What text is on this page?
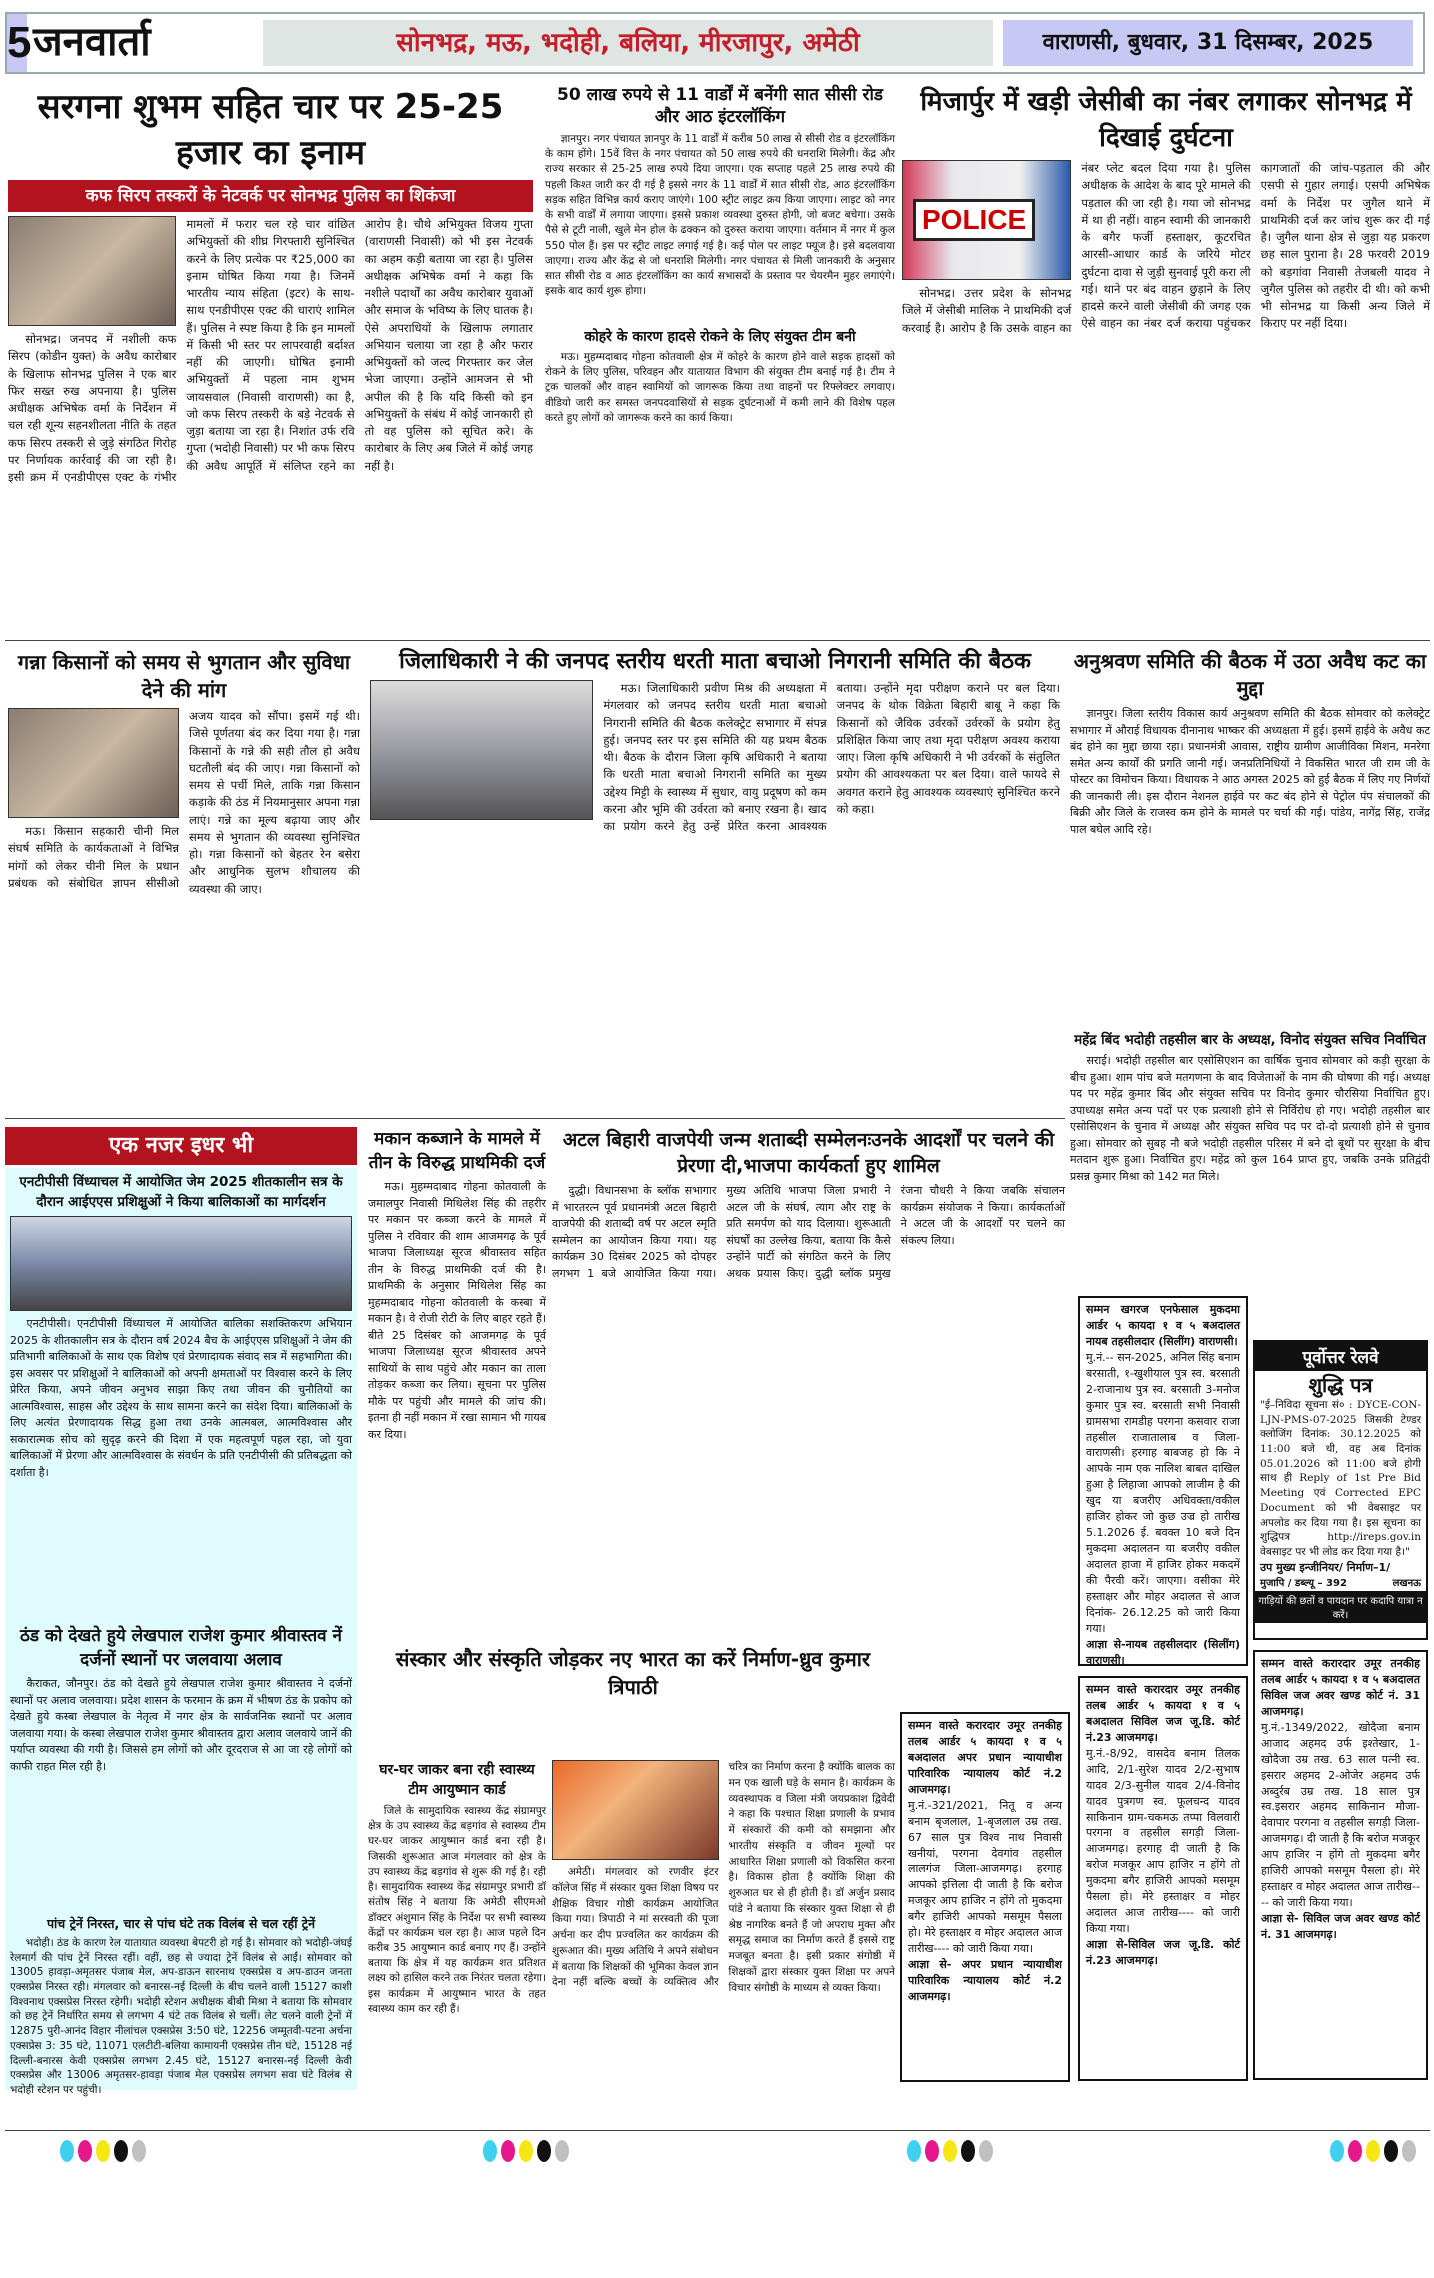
5 जनवार्ता	सोनभद्र, मऊ, भदोही, बलिया, मीरजापुर, अमेठी	वाराणसी, बुधवार, 31 दिसम्बर, 2025
सरगना शुभम सहित चार पर 25-25 हजार का इनाम
कफ सिरप तस्करों के नेटवर्क पर सोनभद्र पुलिस का शिकंजा

सोनभद्र। जनपद में नशीली कफ सिरप (कोडीन युक्त) के अवैध कारोबार के खिलाफ सोनभद्र पुलिस ने एक बार फिर सख्त रुख अपनाया है। पुलिस अधीक्षक अभिषेक वर्मा के निर्देशन में चल रही शून्य सहनशीलता नीति के तहत कफ सिरप तस्करी से जुड़े संगठित गिरोह पर निर्णायक कार्रवाई की जा रही है। इसी क्रम में एनडीपीएस एक्ट के गंभीर मामलों में फरार चल रहे चार वांछित अभियुक्तों की शीघ्र गिरफ्तारी सुनिश्चित करने के लिए प्रत्येक पर ₹25,000 का इनाम घोषित किया गया है। जिनमें भारतीय न्याय संहिता (इटर) के साथ-साथ एनडीपीएस एक्ट की धाराएं शामिल हैं। पुलिस ने स्पष्ट किया है कि इन मामलों में किसी भी स्तर पर लापरवाही बर्दाश्त नहीं की जाएगी। घोषित इनामी अभियुक्तों में पहला नाम शुभम जायसवाल (निवासी वाराणसी) का है, जो कफ सिरप तस्करी के बड़े नेटवर्क से जुड़ा बताया जा रहा है। निशांत उर्फ रवि गुप्ता (भदोही निवासी) पर भी कफ सिरप की अवैध आपूर्ति में संलिप्त रहने का आरोप है। चौथे अभियुक्त विजय गुप्ता (वाराणसी निवासी) को भी इस नेटवर्क का अहम कड़ी बताया जा रहा है। पुलिस अधीक्षक अभिषेक वर्मा ने कहा कि नशीले पदार्थों का अवैध कारोबार युवाओं और समाज के भविष्य के लिए घातक है। ऐसे अपराधियों के खिलाफ लगातार अभियान चलाया जा रहा है और फरार अभियुक्तों को जल्द गिरफ्तार कर जेल भेजा जाएगा। उन्होंने आमजन से भी अपील की है कि यदि किसी को इन अभियुक्तों के संबंध में कोई जानकारी हो तो वह पुलिस को सूचित करे। के कारोबार के लिए अब जिले में कोई जगह नहीं है।

50 लाख रुपये से 11 वार्डों में बनेंगी सात सीसी रोड और आठ इंटरलॉकिंग

ज्ञानपुर। नगर पंचायत ज्ञानपुर के 11 वार्डों में करीब 50 लाख से सीसी रोड व इंटरलॉकिंग के काम होंगे। 15वें वित्त के नगर पंचायत को 50 लाख रुपये की धनराशि मिलेगी। केंद्र और राज्य सरकार से 25-25 लाख रुपये दिया जाएगा। एक सप्ताह पहले 25 लाख रुपये की पहली किश्त जारी कर दी गई है इससे नगर के 11 वार्डों में सात सीसी रोड, आठ इंटरलॉकिंग सड़क सहित विभिन्न कार्य कराए जाएंगे। 100 स्ट्रीट लाइट क्रय किया जाएगा। लाइट को नगर के सभी वार्डों में लगाया जाएगा। इससे प्रकाश व्यवस्था दुरुस्त होगी, जो बजट बचेगा। उसके पैसे से टूटी नाली, खुले मेन होल के ढक्कन को दुरुस्त कराया जाएगा। वर्तमान में नगर में कुल 550 पोल हैं। इस पर स्ट्रीट लाइट लगाई गई है। कई पोल पर लाइट फ्यूज है। इसे बदलवाया जाएगा। राज्य और केंद्र से जो धनराशि मिलेगी। नगर पंचायत से मिली जानकारी के अनुसार सात सीसी रोड व आठ इंटरलॉकिंग का कार्य सभासदों के प्रस्ताव पर चेयरमैन मुहर लगाएंगे। इसके बाद कार्य शुरू होगा।

कोहरे के कारण हादसे रोकने के लिए संयुक्त टीम बनी

मऊ। मुहम्मदाबाद गोहना कोतवाली क्षेत्र में कोहरे के कारण होने वाले सड़क हादसों को रोकने के लिए पुलिस, परिवहन और यातायात विभाग की संयुक्त टीम बनाई गई है। टीम ने ट्रक चालकों और वाहन स्वामियों को जागरूक किया तथा वाहनों पर रिफ्लेक्टर लगवाए। वीडियो जारी कर समस्त जनपदवासियों से सड़क दुर्घटनाओं में कमी लाने की विशेष पहल करते हुए लोगों को जागरूक करने का कार्य किया।

मिजार्पुर में खड़ी जेसीबी का नंबर लगाकर सोनभद्र में दिखाई दुर्घटना
POLICE

सोनभद्र। उत्तर प्रदेश के सोनभद्र जिले में जेसीबी मालिक ने प्राथमिकी दर्ज करवाई है। आरोप है कि उसके वाहन का नंबर प्लेट बदल दिया गया है। पुलिस अधीक्षक के आदेश के बाद पूरे मामले की पड़ताल की जा रही है। गया जो सोनभद्र में था ही नहीं। वाहन स्वामी की जानकारी के बगैर फर्जी हस्ताक्षर, कूटरचित आरसी-आधार कार्ड के जरिये मोटर दुर्घटना दावा से जुड़ी सुनवाई पूरी करा ली गई। थाने पर बंद वाहन छुड़ाने के लिए हादसे करने वाली जेसीबी की जगह एक ऐसे वाहन का नंबर दर्ज कराया पहुंचकर कागजातों की जांच-पड़ताल की और एसपी से गुहार लगाई। एसपी अभिषेक वर्मा के निर्देश पर जुगैल थाने में प्राथमिकी दर्ज कर जांच शुरू कर दी गई है। जुगैल थाना क्षेत्र से जुड़ा यह प्रकरण छह साल पुराना है। 28 फरवरी 2019 को बड़गांवा निवासी तेजबली यादव ने जुगैल पुलिस को तहरीर दी थी। को कभी भी सोनभद्र या किसी अन्य जिले में किराए पर नहीं दिया।

गन्ना किसानों को समय से भुगतान और सुविधा देने की मांग

मऊ। किसान सहकारी चीनी मिल संघर्ष समिति के कार्यकताओं ने विभिन्न मांगों को लेकर चीनी मिल के प्रधान प्रबंधक को संबोधित ज्ञापन सीसीओ अजय यादव को सौंपा। इसमें गई थी। जिसे पूर्णतया बंद कर दिया गया है। गन्ना किसानों के गन्ने की सही तौल हो अवैध घटतौली बंद की जाए। गन्ना किसानों को समय से पर्ची मिले, ताकि गन्ना किसान कड़ाके की ठंड में नियमानुसार अपना गन्ना लाएं। गन्ने का मूल्य बढ़ाया जाए और समय से भुगतान की व्यवस्था सुनिश्चित हो। गन्ना किसानों को बेहतर रेन बसेरा और आधुनिक सुलभ शौचालय की व्यवस्था की जाए।

जिलाधिकारी ने की जनपद स्तरीय धरती माता बचाओ निगरानी समिति की बैठक

मऊ। जिलाधिकारी प्रवीण मिश्र की अध्यक्षता में मंगलवार को जनपद स्तरीय धरती माता बचाओ निगरानी समिति की बैठक कलेक्ट्रेट सभागार में संपन्न हुई। जनपद स्तर पर इस समिति की यह प्रथम बैठक थी। बैठक के दौरान जिला कृषि अधिकारी ने बताया कि धरती माता बचाओ निगरानी समिति का मुख्य उद्देश्य मिट्टी के स्वास्थ्य में सुधार, वायु प्रदूषण को कम करना और भूमि की उर्वरता को बनाए रखना है। खाद का प्रयोग करने हेतु उन्हें प्रेरित करना आवश्यक बताया। उन्होंने मृदा परीक्षण कराने पर बल दिया। जनपद के थोक विक्रेता बिहारी बाबू ने कहा कि किसानों को जैविक उर्वरकों उर्वरकों के प्रयोग हेतु प्रशिक्षित किया जाए तथा मृदा परीक्षण अवश्य कराया जाए। जिला कृषि अधिकारी ने भी उर्वरकों के संतुलित प्रयोग की आवश्यकता पर बल दिया। वाले फायदे से अवगत कराने हेतु आवश्यक व्यवस्थाएं सुनिश्चित करने को कहा।

अनुश्रवण समिति की बैठक में उठा अवैध कट का मुद्दा

ज्ञानपुर। जिला स्तरीय विकास कार्य अनुश्रवण समिति की बैठक सोमवार को कलेक्ट्रेट सभागार में औराई विधायक दीनानाथ भाष्कर की अध्यक्षता में हुई। इसमें हाईवे के अवैध कट बंद होने का मुद्दा छाया रहा। प्रधानमंत्री आवास, राष्ट्रीय ग्रामीण आजीविका मिशन, मनरेगा समेत अन्य कार्यों की प्रगति जानी गई। जनप्रतिनिधियों ने विकसित भारत जी राम जी के पोस्टर का विमोचन किया। विधायक ने आठ अगस्त 2025 को हुई बैठक में लिए गए निर्णयों की जानकारी ली। इस दौरान नेशनल हाईवे पर कट बंद होने से पेट्रोल पंप संचालकों की बिक्री और जिले के राजस्व कम होने के मामले पर चर्चा की गई। पांडेय, नागेंद्र सिंह, राजेंद्र पाल बघेल आदि रहे।

महेंद्र बिंद भदोही तहसील बार के अध्यक्ष, विनोद संयुक्त सचिव निर्वाचित

सराई। भदोही तहसील बार एसोसिएशन का वार्षिक चुनाव सोमवार को कड़ी सुरक्षा के बीच हुआ। शाम पांच बजे मतगणना के बाद विजेताओं के नाम की घोषणा की गई। अध्यक्ष पद पर महेंद्र कुमार बिंद और संयुक्त सचिव पर विनोद कुमार चौरसिया निर्वाचित हुए। उपाध्यक्ष समेत अन्य पदों पर एक प्रत्याशी होने से निर्विरोध हो गए। भदोही तहसील बार एसोसिएशन के चुनाव में अध्यक्ष और संयुक्त सचिव पद पर दो-दो प्रत्याशी होने से चुनाव हुआ। सोमवार को सुबह नौ बजे भदोही तहसील परिसर में बने दो बूथों पर सुरक्षा के बीच मतदान शुरू हुआ। निर्वाचित हुए। महेंद्र को कुल 164 प्राप्त हुए, जबकि उनके प्रतिद्वंदी प्रसन्न कुमार मिश्रा को 142 मत मिले।

सम्मन खगरज एनफेसाल मुकदमा आर्डर ५ कायदा १ व ५ बअदालत नायब तहसीलदार (सिलींग) वाराणसी।
मु.नं.-- सन-2025, अनिल सिंह बनाम बरसाती, १-खुशीयाल पुत्र स्व. बरसाती 2-राजानाथ पुत्र स्व. बरसाती 3-मनोज कुमार पुत्र स्व. बरसाती सभी निवासी ग्रामसभा रामडीह परगना कसवार राजा तहसील राजातालाब व जिला-वाराणसी। हरगाह बाबजह हो कि ने आपके नाम एक नालिश बाबत दाखिल हुआ है लिहाजा आपको लाजीम है की खुद या बजरीए अधिवक्ता/वकील हाजिर होकर जो कुछ उज्र हो तारीख 5.1.2026 ई. बवक्त 10 बजे दिन मुकदमा अदालतन या बजरीए वकील अदालत हाजा में हाजिर होकर मकदमें की पैरवी करें। जाएगा। वसीका मेरे हस्ताक्षर और मोहर अदालत से आज दिनांक- 26.12.25 को जारी किया गया।
आज्ञा से-नायब तहसीलदार (सिलींग) वाराणसी।
पूर्वोत्तर रेलवे
शुद्धि पत्र
"ई–निविदा सूचना सं० : DYCE-CON-LJN-PMS-07-2025 जिसकी टेण्डर क्लोजिंग दिनांक: 30.12.2025 को 11:00 बजे थी, वह अब दिनांक 05.01.2026 को 11:00 बजे होगी साथ ही Reply of 1st Pre Bid Meeting एवं Corrected EPC Document को भी वेबसाइट पर अपलोड कर दिया गया है। इस सूचना का शुद्धिपत्र http://ireps.gov.in वेबसाइट पर भी लोड कर दिया गया है।"
उप मुख्य इन्जीनियर/ निर्माण–1/
मुजापि / डब्ल्यू – 392	लखनऊ
गाड़ियों की छतों व पायदान पर कदापि यात्रा न करें।
सम्मन वास्ते करारदार उमूर तनकीह तलब आर्डर ५ कायदा १ व ५ बअदालत सिविल जज अवर खण्ड कोर्ट नं. 31 आजमगढ़।
मु.नं.-1349/2022, खोदैजा बनाम आजाद अहमद उर्फ इश्तेखार, 1-खोदैजा उम्र तख. 63 साल पत्नी स्व. इसरार अहमद 2-ओजेर अहमद उर्फ अब्दुर्रब उम्र तख. 18 साल पुत्र स्व.इसरार अहमद साकिनान मौजा-देवापार परगना व तहसील सगड़ी जिला-आजमगढ़। दी जाती है कि बरोज मजकूर आप हाजिर न होंगे तो मुकदमा बगैर हाजिरी आपको मसमूम पैसला हो। मेरे हस्ताक्षर व मोहर अदालत आज तारीख---- को जारी किया गया।
आज्ञा से- सिविल जज अवर खण्ड कोर्ट नं. 31 आजमगढ़।
सम्मन वास्ते करारदार उमूर तनकीह तलब आर्डर ५ कायदा १ व ५ बअदालत अपर प्रधान न्यायाधीश पारिवारिक न्यायालय कोर्ट नं.2 आजमगढ़।
मु.नं.-321/2021, नितू व अन्य बनाम बृजलाल, 1-बृजलाल उम्र तख. 67 साल पुत्र विश्व नाथ निवासी खनीयां, परगना देवगांव तहसील लालगंज जिला-आजमगढ़। हरगाह आपको इत्तिला दी जाती है कि बरोज मजकूर आप हाजिर न होंगे तो मुकदमा बगैर हाजिरी आपको मसमूम पैसला हो। मेरे हस्ताक्षर व मोहर अदालत आज तारीख---- को जारी किया गया।
आज्ञा से- अपर प्रधान न्यायाधीश पारिवारिक न्यायालय कोर्ट नं.2 आजमगढ़।
सम्मन वास्ते करारदार उमूर तनकीह तलब आर्डर ५ कायदा १ व ५ बअदालत सिविल जज जू.डि. कोर्ट नं.23 आजमगढ़।
मु.नं.-8/92, वासदेव बनाम तिलक आदि, 2/1-सुरेश यादव 2/2-सुभाष यादव 2/3-सुनील यादव 2/4-विनोद यादव पुत्रगण स्व. फूलचन्द यादव साकिनान ग्राम-चकमऊ तप्पा विलवारी परगना व तहसील सगड़ी जिला-आजमगढ़। हरगाह दी जाती है कि बरोज मजकूर आप हाजिर न होंगे तो मुकदमा बगैर हाजिरी आपको मसमूम पैसला हो। मेरे हस्ताक्षर व मोहर अदालत आज तारीख---- को जारी किया गया।
आज्ञा से-सिविल जज जू.डि. कोर्ट नं.23 आजमगढ़।
एक नजर इधर भी
एनटीपीसी विंध्याचल में आयोजित जेम 2025 शीतकालीन सत्र के दौरान आईएएस प्रशिक्षुओं ने किया बालिकाओं का मार्गदर्शन

एनटीपीसी। एनटीपीसी विंध्याचल में आयोजित बालिका सशक्तिकरण अभियान 2025 के शीतकालीन सत्र के दौरान वर्ष 2024 बैच के आईएएस प्रशिक्षुओं ने जेम की प्रतिभागी बालिकाओं के साथ एक विशेष एवं प्रेरणादायक संवाद सत्र में सहभागिता की। इस अवसर पर प्रशिक्षुओं ने बालिकाओं को अपनी क्षमताओं पर विश्वास करने के लिए प्रेरित किया, अपने जीवन अनुभव साझा किए तथा जीवन की चुनौतियों का आत्मविश्वास, साहस और उद्देश्य के साथ सामना करने का संदेश दिया। बालिकाओं के लिए अत्यंत प्रेरणादायक सिद्ध हुआ तथा उनके आत्मबल, आत्मविश्वास और सकारात्मक सोच को सुदृढ़ करने की दिशा में एक महत्वपूर्ण पहल रहा, जो युवा बालिकाओं में प्रेरणा और आत्मविश्वास के संवर्धन के प्रति एनटीपीसी की प्रतिबद्धता को दर्शाता है।

ठंड को देखते हुये लेखपाल राजेश कुमार श्रीवास्तव नें दर्जनों स्थानों पर जलवाया अलाव

कैराकत, जौनपुर। ठंड को देखते हुये लेखपाल राजेश कुमार श्रीवास्तव ने दर्जनों स्थानों पर अलाव जलवाया। प्रदेश शासन के फरमान के क्रम में भीषण ठंड के प्रकोप को देखते हुये कस्बा लेखपाल के नेतृत्व में नगर क्षेत्र के सार्वजनिक स्थानों पर अलाव जलवाया गया। के कस्बा लेखपाल राजेश कुमार श्रीवास्तव द्वारा अलाव जलवाये जानें की पर्याप्त व्यवस्था की गयी है। जिससे हम लोगों को और दूरदराज से आ जा रहे लोगों को काफी राहत मिल रही है।

पांच ट्रेनें निरस्त, चार से पांच घंटे तक विलंब से चल रहीं ट्रेनें

भदोही। ठंड के कारण रेल यातायात व्यवस्था बेपटरी हो गई है। सोमवार को भदोही-जंघई रेलमार्ग की पांच ट्रेनें निरस्त रहीं। वहीं, छह से ज्यादा ट्रेनें विलंब से आईं। सोमवार को 13005 हावड़ा-अमृतसर पंजाब मेल, अप-डाऊन सारनाथ एक्सप्रेस व अप-डाउन जनता एक्सप्रेस निरस्त रही। मंगलवार को बनारस-नई दिल्ली के बीच चलने वाली 15127 काशी विश्वनाथ एक्सप्रेस निरस्त रहेगी। भदोही स्टेशन अधीक्षक बीबी मिश्रा ने बताया कि सोमवार को छह ट्रेनें निर्धारित समय से लगभग 4 घंटे तक विलंब से चलीं। लेट चलने वाली ट्रेनों में 12875 पुरी-आनंद विहार नीलांचल एक्सप्रेस 3:50 घंटे, 12256 जम्मूतवी-पटना अर्चना एक्सप्रेस 3: 35 घंटे, 11071 एलटीटी-बलिया कामायनी एक्सप्रेस तीन घंटे, 15128 नई दिल्ली-बनारस केवी एक्सप्रेस लगभग 2.45 घंटे, 15127 बनारस-नई दिल्ली केवी एक्सप्रेस और 13006 अमृतसर-हावड़ा पंजाब मेल एक्सप्रेस लगभग सवा घंटे विलंब से भदोही स्टेशन पर पहुंची।

मकान कब्जाने के मामले में तीन के विरुद्ध प्राथमिकी दर्ज

मऊ। मुहम्मदाबाद गोहना कोतवाली के जमालपुर निवासी मिथिलेश सिंह की तहरीर पर मकान पर कब्जा करने के मामले में पुलिस ने रविवार की शाम आजमगढ़ के पूर्व भाजपा जिलाध्यक्ष सूरज श्रीवास्तव सहित तीन के विरुद्ध प्राथमिकी दर्ज की है। प्राथमिकी के अनुसार मिथिलेश सिंह का मुहम्मदाबाद गोहना कोतवाली के कस्बा में मकान है। वे रोजी रोटी के लिए बाहर रहते हैं। बीते 25 दिसंबर को आजमगढ़ के पूर्व भाजपा जिलाध्यक्ष सूरज श्रीवास्तव अपने साथियों के साथ पहुंचे और मकान का ताला तोड़कर कब्जा कर लिया। सूचना पर पुलिस मौके पर पहुंची और मामले की जांच की। इतना ही नहीं मकान में रखा सामान भी गायब कर दिया।

घर-घर जाकर बना रही स्वास्थ्य टीम आयुष्मान कार्ड

जिले के सामुदायिक स्वास्थ्य केंद्र संग्रामपुर क्षेत्र के उप स्वास्थ्य केंद्र बड़गांव से स्वास्थ्य टीम घर-घर जाकर आयुष्मान कार्ड बना रही है। जिसकी शुरूआत आज मंगलवार को क्षेत्र के उप स्वास्थ्य केंद्र बड़गांव से शुरू की गई है। रही है। सामुदायिक स्वास्थ्य केंद्र संग्रामपुर प्रभारी डॉ संतोष सिंह ने बताया कि अमेठी सीएमओ डॉक्टर अंशुमान सिंह के निर्देश पर सभी स्वास्थ्य केंद्रों पर कार्यक्रम चल रहा है। आज पहले दिन करीब 35 आयुष्मान कार्ड बनाए गए हैं। उन्होंने बताया कि क्षेत्र में यह कार्यक्रम शत प्रतिशत लक्ष्य को हासिल करने तक निरंतर चलता रहेगा। इस कार्यक्रम में आयुष्मान भारत के तहत स्वास्थ्य काम कर रही हैं।

अटल बिहारी वाजपेयी जन्म शताब्दी सम्मेलनःउनके आदर्शों पर चलने की प्रेरणा दी,भाजपा कार्यकर्ता हुए शामिल

दुद्धी। विधानसभा के ब्लॉक सभागार में भारतरत्न पूर्व प्रधानमंत्री अटल बिहारी वाजपेयी की शताब्दी वर्ष पर अटल स्मृति सम्मेलन का आयोजन किया गया। यह कार्यक्रम 30 दिसंबर 2025 को दोपहर लगभग 1 बजे आयोजित किया गया। मुख्य अतिथि भाजपा जिला प्रभारी ने अटल जी के संघर्ष, त्याग और राष्ट्र के प्रति समर्पण को याद दिलाया। शुरूआती संघर्षों का उल्लेख किया, बताया कि कैसे उन्होंने पार्टी को संगठित करने के लिए अथक प्रयास किए। दुद्धी ब्लॉक प्रमुख रंजना चौधरी ने किया जबकि संचालन कार्यक्रम संयोजक ने किया। कार्यकर्ताओं ने अटल जी के आदर्शों पर चलने का संकल्प लिया।

संस्कार और संस्कृति जोड़कर नए भारत का करें निर्माण-ध्रुव कुमार त्रिपाठी

अमेठी। मंगलवार को रणवीर इंटर कॉलेज सिंह में संस्कार युक्त शिक्षा विषय पर शैक्षिक विचार गोष्ठी कार्यक्रम आयोजित किया गया। त्रिपाठी ने मां सरस्वती की पूजा अर्चना कर दीप प्रज्वलित कर कार्यक्रम की शुरूआत की। मुख्य अतिथि ने अपने संबोधन में बताया कि शिक्षकों की भूमिका केवल ज्ञान देना नहीं बल्कि बच्चों के व्यक्तित्व और चरित्र का निर्माण करना है क्योंकि बालक का मन एक खाली घड़े के समान है। कार्यक्रम के व्यवस्थापक व जिला मंत्री जयप्रकाश द्विवेदी ने कहा कि पश्चात शिक्षा प्रणाली के प्रभाव में संस्कारों की कमी को समझाना और भारतीय संस्कृति व जीवन मूल्यों पर आधारित शिक्षा प्रणाली को विकसित करना है। विकास होता है क्योंकि शिक्षा की शुरुआत घर से ही होती है। डॉ अर्जुन प्रसाद पांडे ने बताया कि संस्कार युक्त शिक्षा से ही श्रेष्ठ नागरिक बनते हैं जो अपराध मुक्त और समृद्ध समाज का निर्माण करते हैं इससे राष्ट्र मजबूत बनता है। इसी प्रकार संगोष्ठी में शिक्षकों द्वारा संस्कार युक्त शिक्षा पर अपने विचार संगोष्ठी के माध्यम से व्यक्त किया।
